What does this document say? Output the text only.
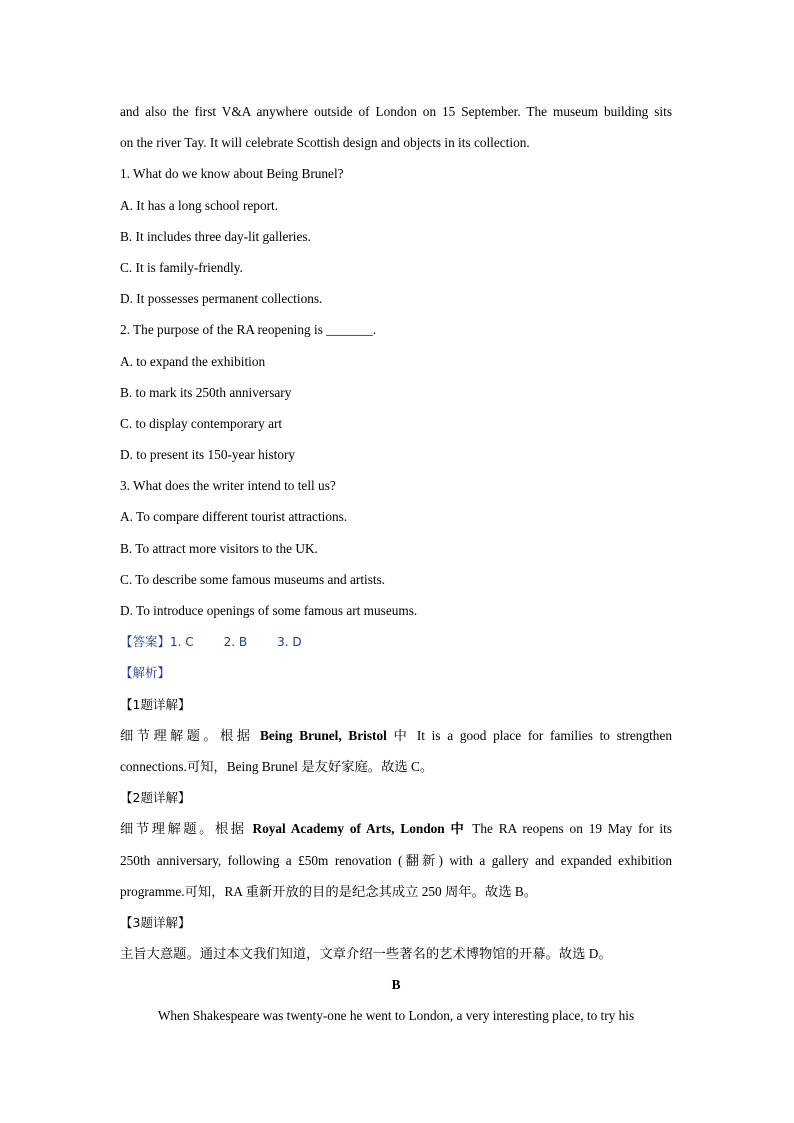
and also the first V&A anywhere outside of London on 15 September. The museum building sits
on the river Tay. It will celebrate Scottish design and objects in its collection.
1. What do we know about Being Brunel?
A. It has a long school report.
B. It includes three day-lit galleries.
C. It is family-friendly.
D. It possesses permanent collections.
2. The purpose of the RA reopening is _______.
A. to expand the exhibition
B. to mark its 250th anniversary
C. to display contemporary art
D. to present its 150-year history
3. What does the writer intend to tell us?
A. To compare different tourist attractions.
B. To attract more visitors to the UK.
C. To describe some famous museums and artists.
D. To introduce openings of some famous art museums.
【答案】1. C	2. B	3. D
【解析】
【1题详解】
细节理解题。根据 Being Brunel, Bristol 中 It is a good place for families to strengthen
connections.可知，Being Brunel 是友好家庭。故选 C。
【2题详解】
细节理解题。根据 Royal Academy of Arts, London 中 The RA reopens on 19 May for its
250th anniversary, following a £50m renovation (翻新) with a gallery and expanded exhibition
programme.可知，RA 重新开放的目的是纪念其成立 250 周年。故选 B。
【3题详解】
主旨大意题。通过本文我们知道，文章介绍一些著名的艺术博物馆的开幕。故选 D。
B
When Shakespeare was twenty-one he went to London, a very interesting place, to try his
